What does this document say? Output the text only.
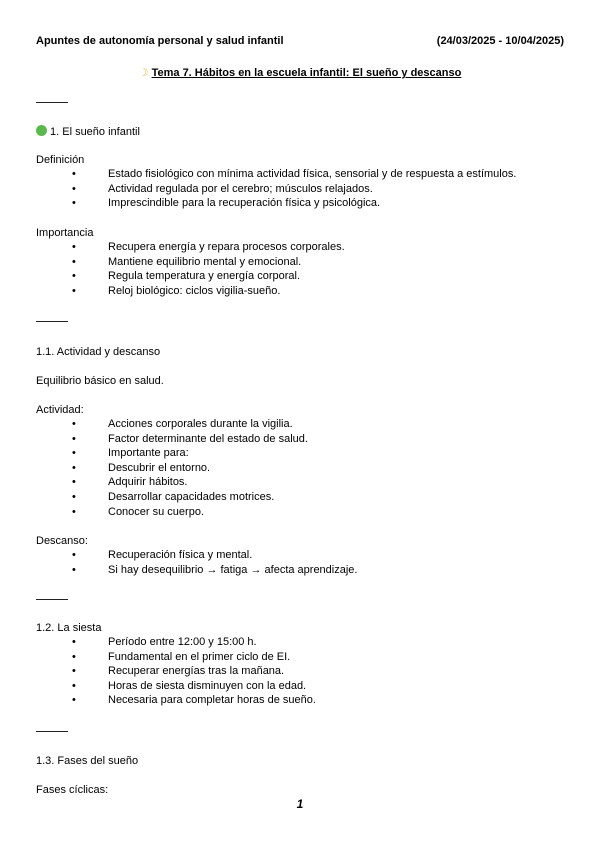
Apuntes de autonomía personal y salud infantil	(24/03/2025 - 10/04/2025)
☽ Tema 7. Hábitos en la escuela infantil: El sueño y descanso
1. El sueño infantil
Definición
• Estado fisiológico con mínima actividad física, sensorial y de respuesta a estímulos.
• Actividad regulada por el cerebro; músculos relajados.
• Imprescindible para la recuperación física y psicológica.
Importancia
• Recupera energía y repara procesos corporales.
• Mantiene equilibrio mental y emocional.
• Regula temperatura y energía corporal.
• Reloj biológico: ciclos vigilia-sueño.
1.1. Actividad y descanso
Equilibrio básico en salud.
Actividad:
• Acciones corporales durante la vigilia.
• Factor determinante del estado de salud.
• Importante para:
• Descubrir el entorno.
• Adquirir hábitos.
• Desarrollar capacidades motrices.
• Conocer su cuerpo.
Descanso:
• Recuperación física y mental.
• Si hay desequilibrio → fatiga → afecta aprendizaje.
1.2. La siesta
• Período entre 12:00 y 15:00 h.
• Fundamental en el primer ciclo de EI.
• Recuperar energías tras la mañana.
• Horas de siesta disminuyen con la edad.
• Necesaria para completar horas de sueño.
1.3. Fases del sueño
Fases cíclicas:
1
